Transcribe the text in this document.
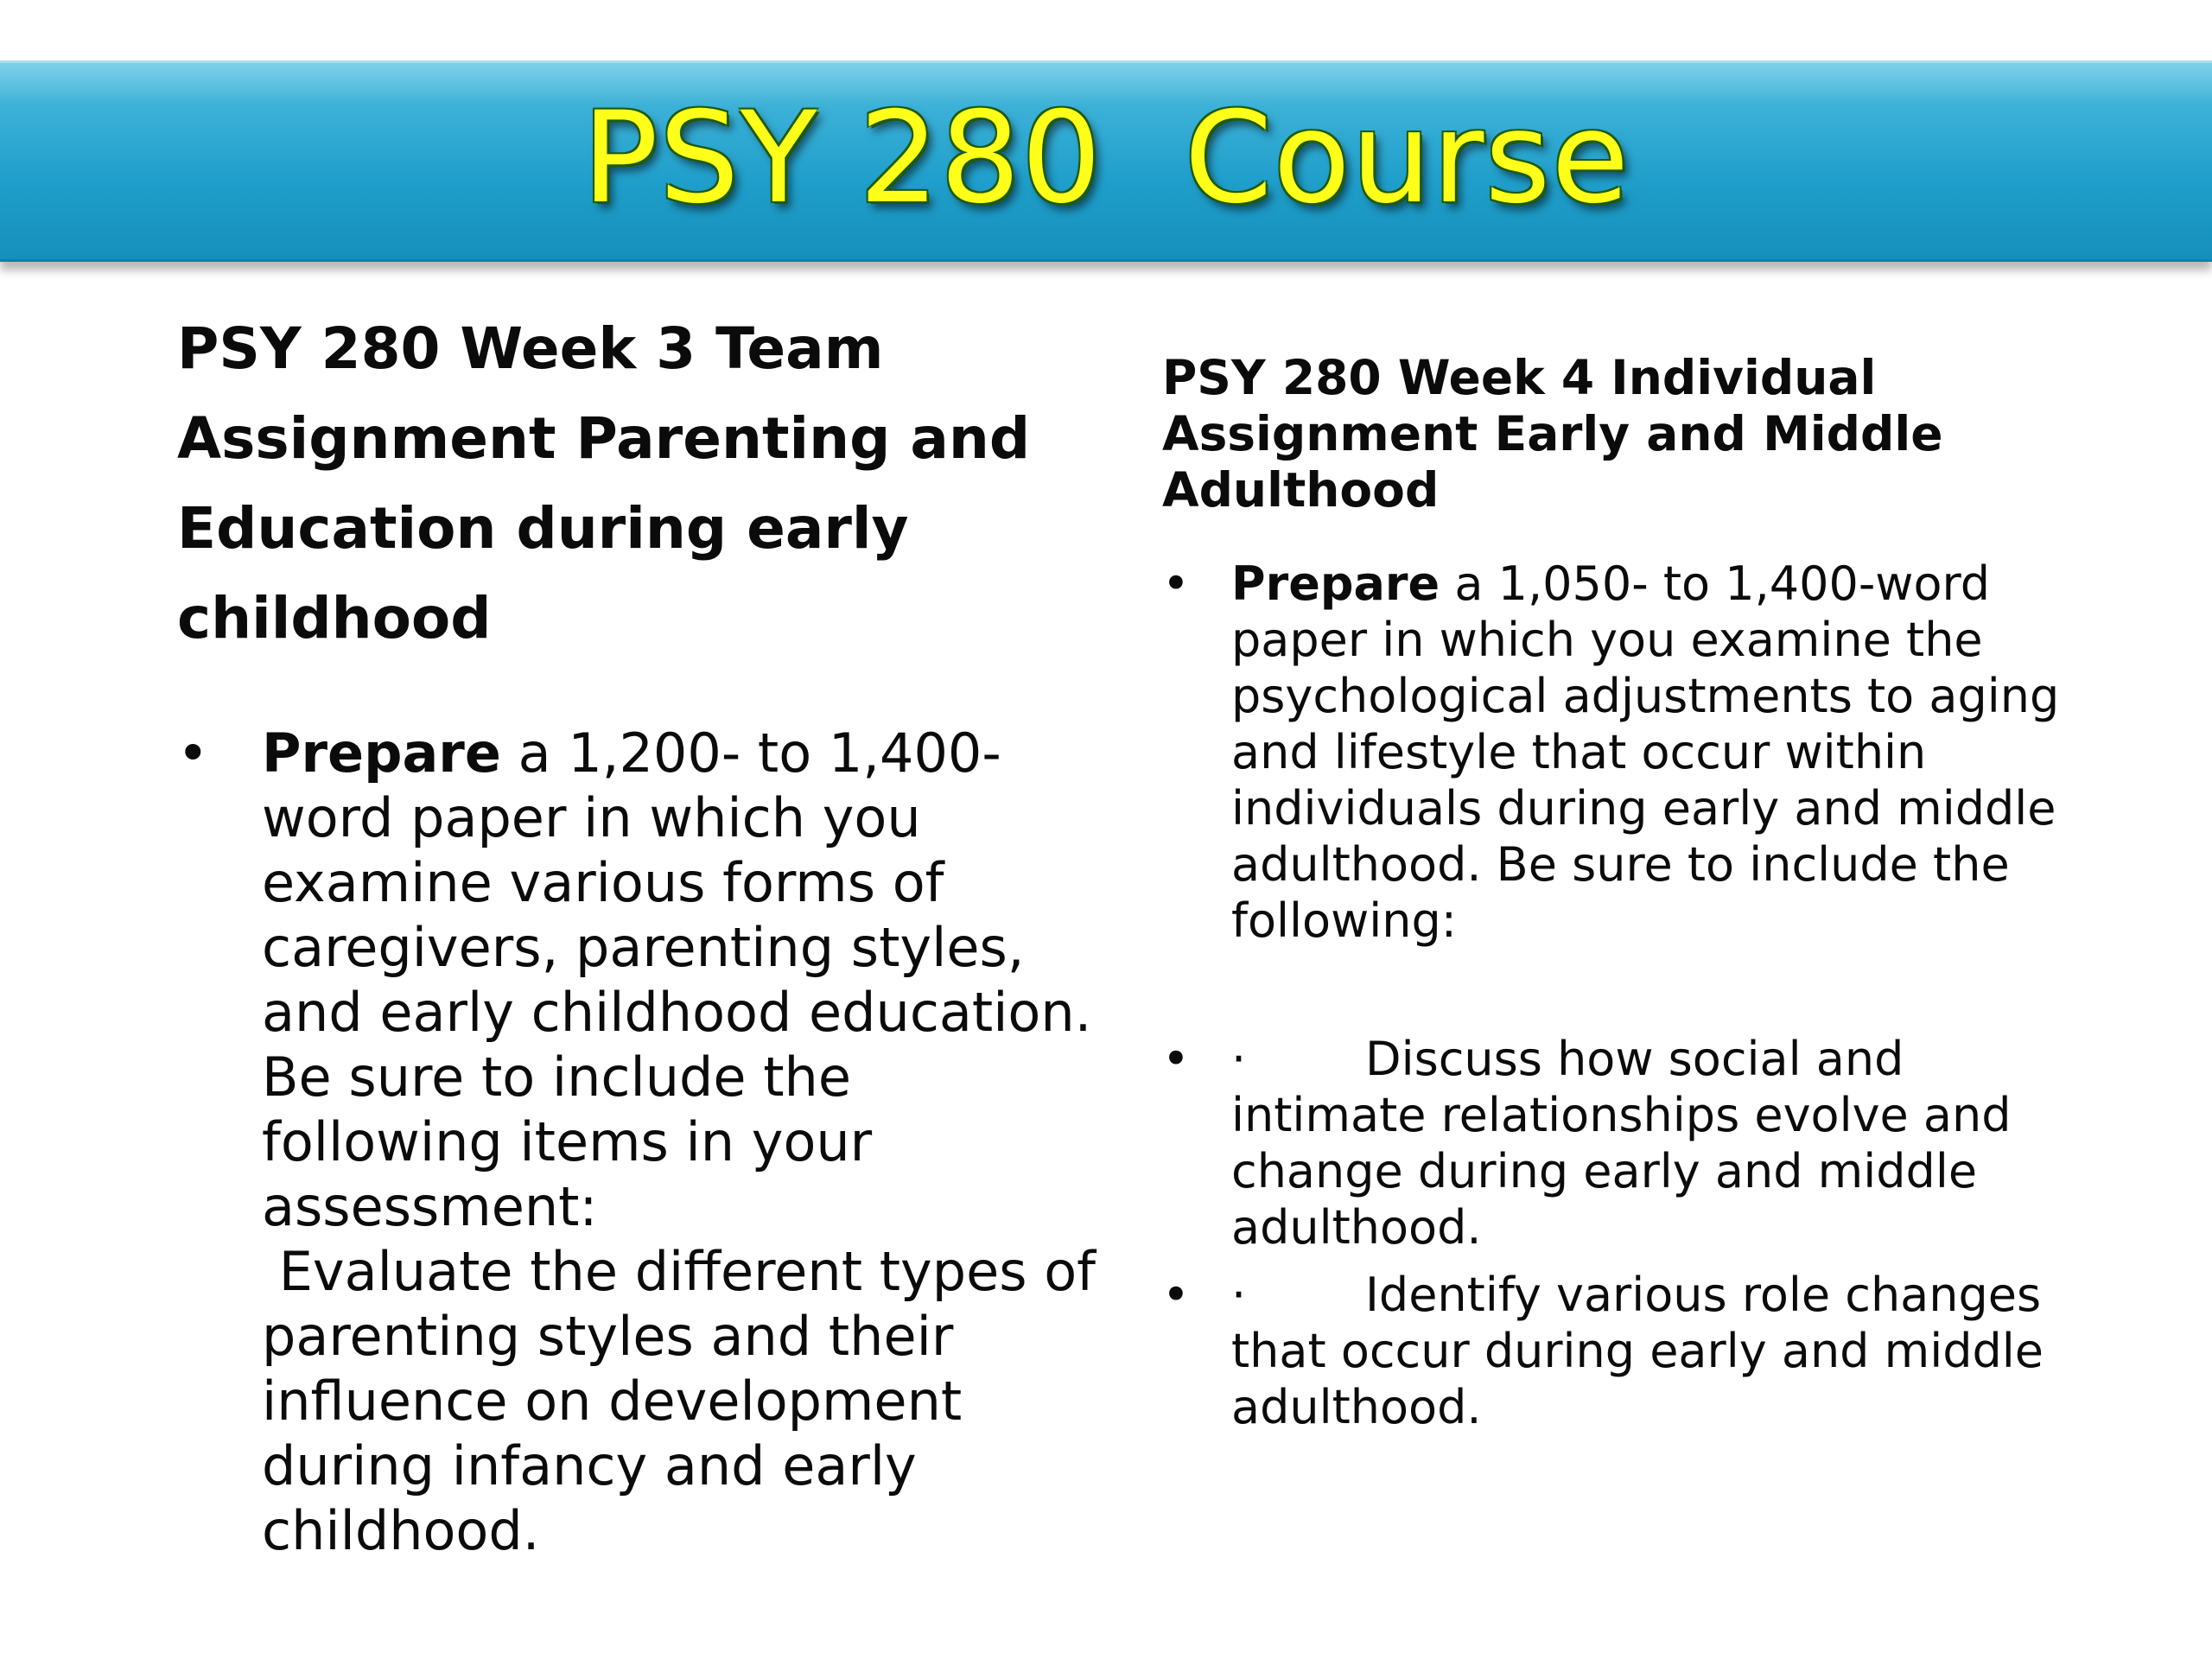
PSY 280  Course
PSY 280 Week 3 Team
Assignment Parenting and
Education during early
childhood
• Prepare a 1,200- to 1,400-
word paper in which you
examine various forms of
caregivers, parenting styles,
and early childhood education.
Be sure to include the
following items in your
assessment:
Evaluate the different types of
parenting styles and their
influence on development
during infancy and early
childhood.
PSY 280 Week 4 Individual
Assignment Early and Middle
Adulthood
• Prepare a 1,050- to 1,400-word
paper in which you examine the
psychological adjustments to aging
and lifestyle that occur within
individuals during early and middle
adulthood. Be sure to include the
following:
• ·	Discuss how social and
intimate relationships evolve and
change during early and middle
adulthood.
• ·	Identify various role changes
that occur during early and middle
adulthood.
